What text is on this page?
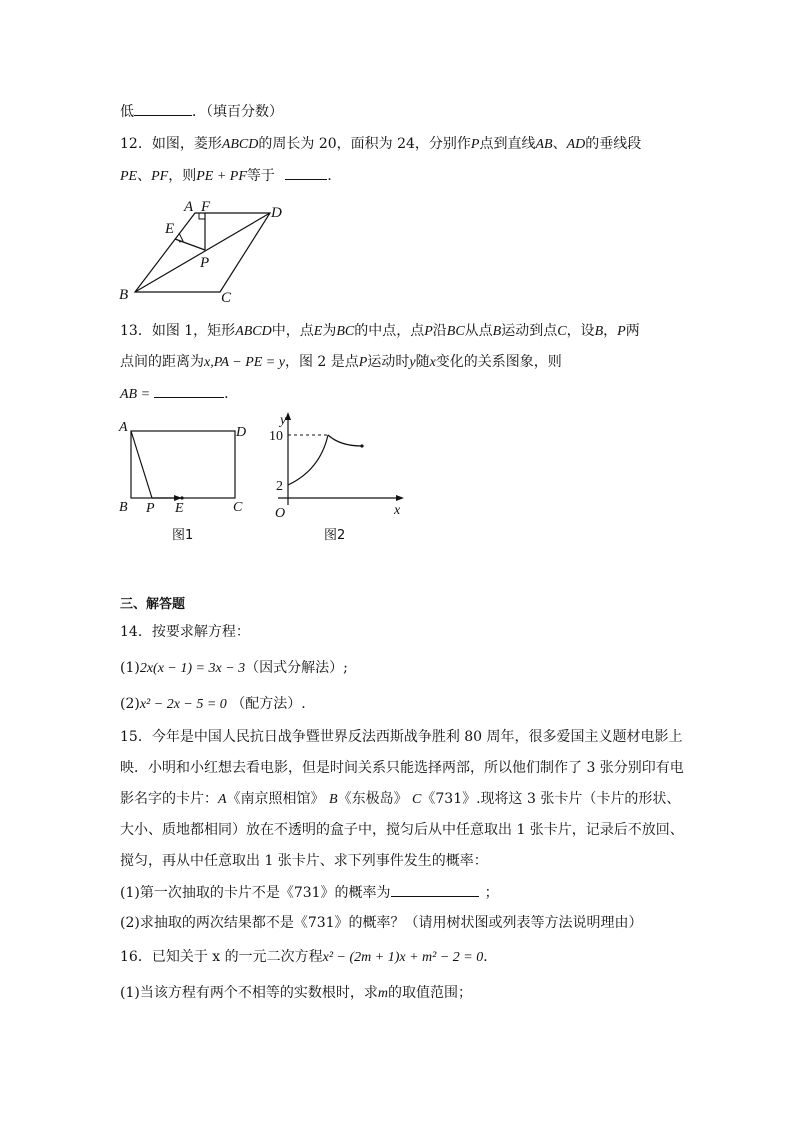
低	．（填百分数）
12．如图，菱形ABCD的周长为 20，面积为 24，分别作P点到直线AB、AD的垂线段
PE、PF，则PE + PF等于	．
A F	D
E
P
B	C
13．如图 1，矩形ABCD中，点E为BC的中点，点P沿BC从点B运动到点C，设B，P两
点间的距离为x,PA − PE = y，图 2 是点P运动时y随x变化的关系图象，则
AB =	．
A	D
B P E	C
图1
y
x
O
10
2
图2
三、解答题
14．按要求解方程：
(1)2x(x − 1) = 3x − 3（因式分解法）;
(2)x² − 2x − 5 = 0 （配方法）.
15．今年是中国人民抗日战争暨世界反法西斯战争胜利 80 周年，很多爱国主义题材电影上
映．小明和小红想去看电影，但是时间关系只能选择两部，所以他们制作了 3 张分别印有电
影名字的卡片：A《南京照相馆》 B《东极岛》 C《731》.现将这 3 张卡片（卡片的形状、
大小、质地都相同）放在不透明的盒子中，搅匀后从中任意取出 1 张卡片，记录后不放回、
搅匀，再从中任意取出 1 张卡片、求下列事件发生的概率：
(1)第一次抽取的卡片不是《731》的概率为	；
(2)求抽取的两次结果都不是《731》的概率？（请用树状图或列表等方法说明理由）
16．已知关于 x 的一元二次方程x² − (2m + 1)x + m² − 2 = 0．
(1)当该方程有两个不相等的实数根时，求m的取值范围；
